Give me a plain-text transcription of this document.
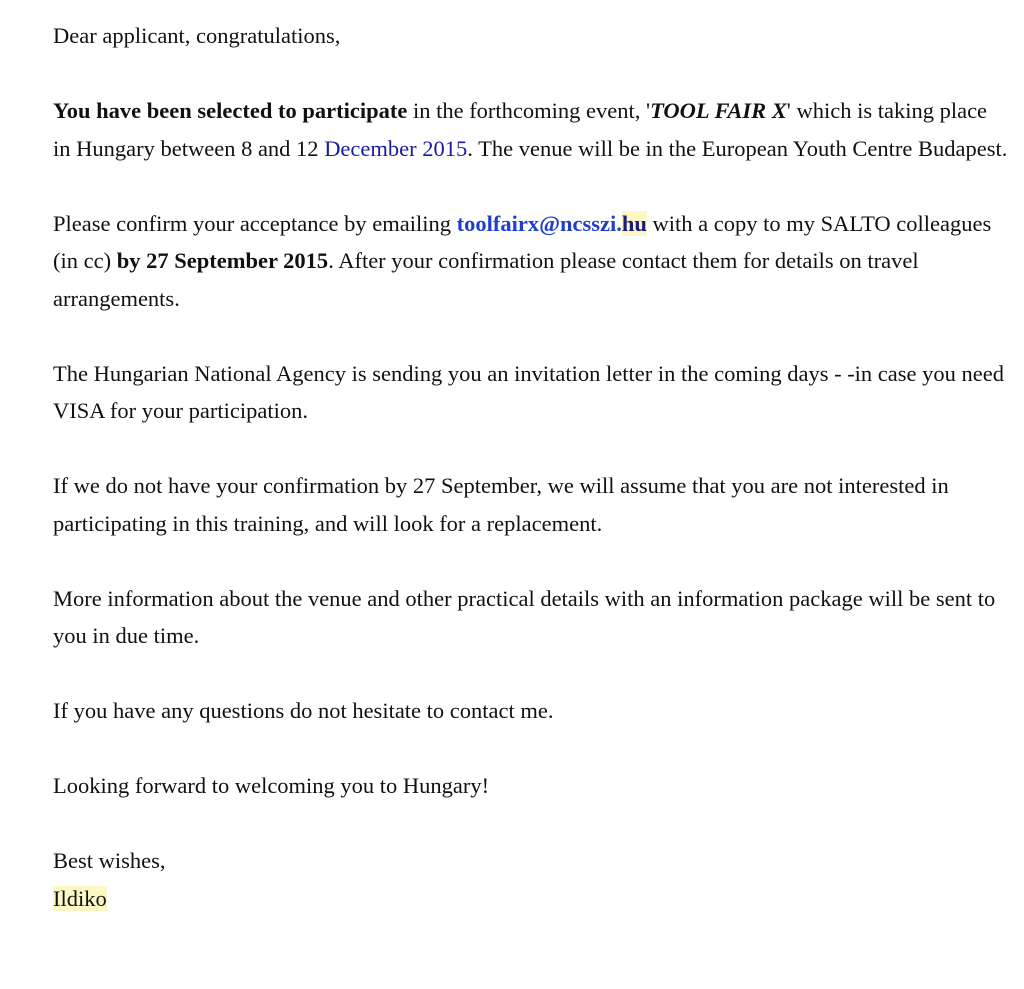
Dear applicant, congratulations,

You have been selected to participate in the forthcoming event, 'TOOL FAIR X' which is taking place in Hungary between 8 and 12 December 2015. The venue will be in the European Youth Centre Budapest.

Please confirm your acceptance by emailing toolfairx@ncsszi.hu with a copy to my SALTO colleagues (in cc) by 27 September 2015. After your confirmation please contact them for details on travel arrangements.

The Hungarian National Agency is sending you an invitation letter in the coming days - -in case you need VISA for your participation.

If we do not have your confirmation by 27 September, we will assume that you are not interested in participating in this training, and will look for a replacement.

More information about the venue and other practical details with an information package will be sent to you in due time.

If you have any questions do not hesitate to contact me.

Looking forward to welcoming you to Hungary!

Best wishes,

Ildiko
